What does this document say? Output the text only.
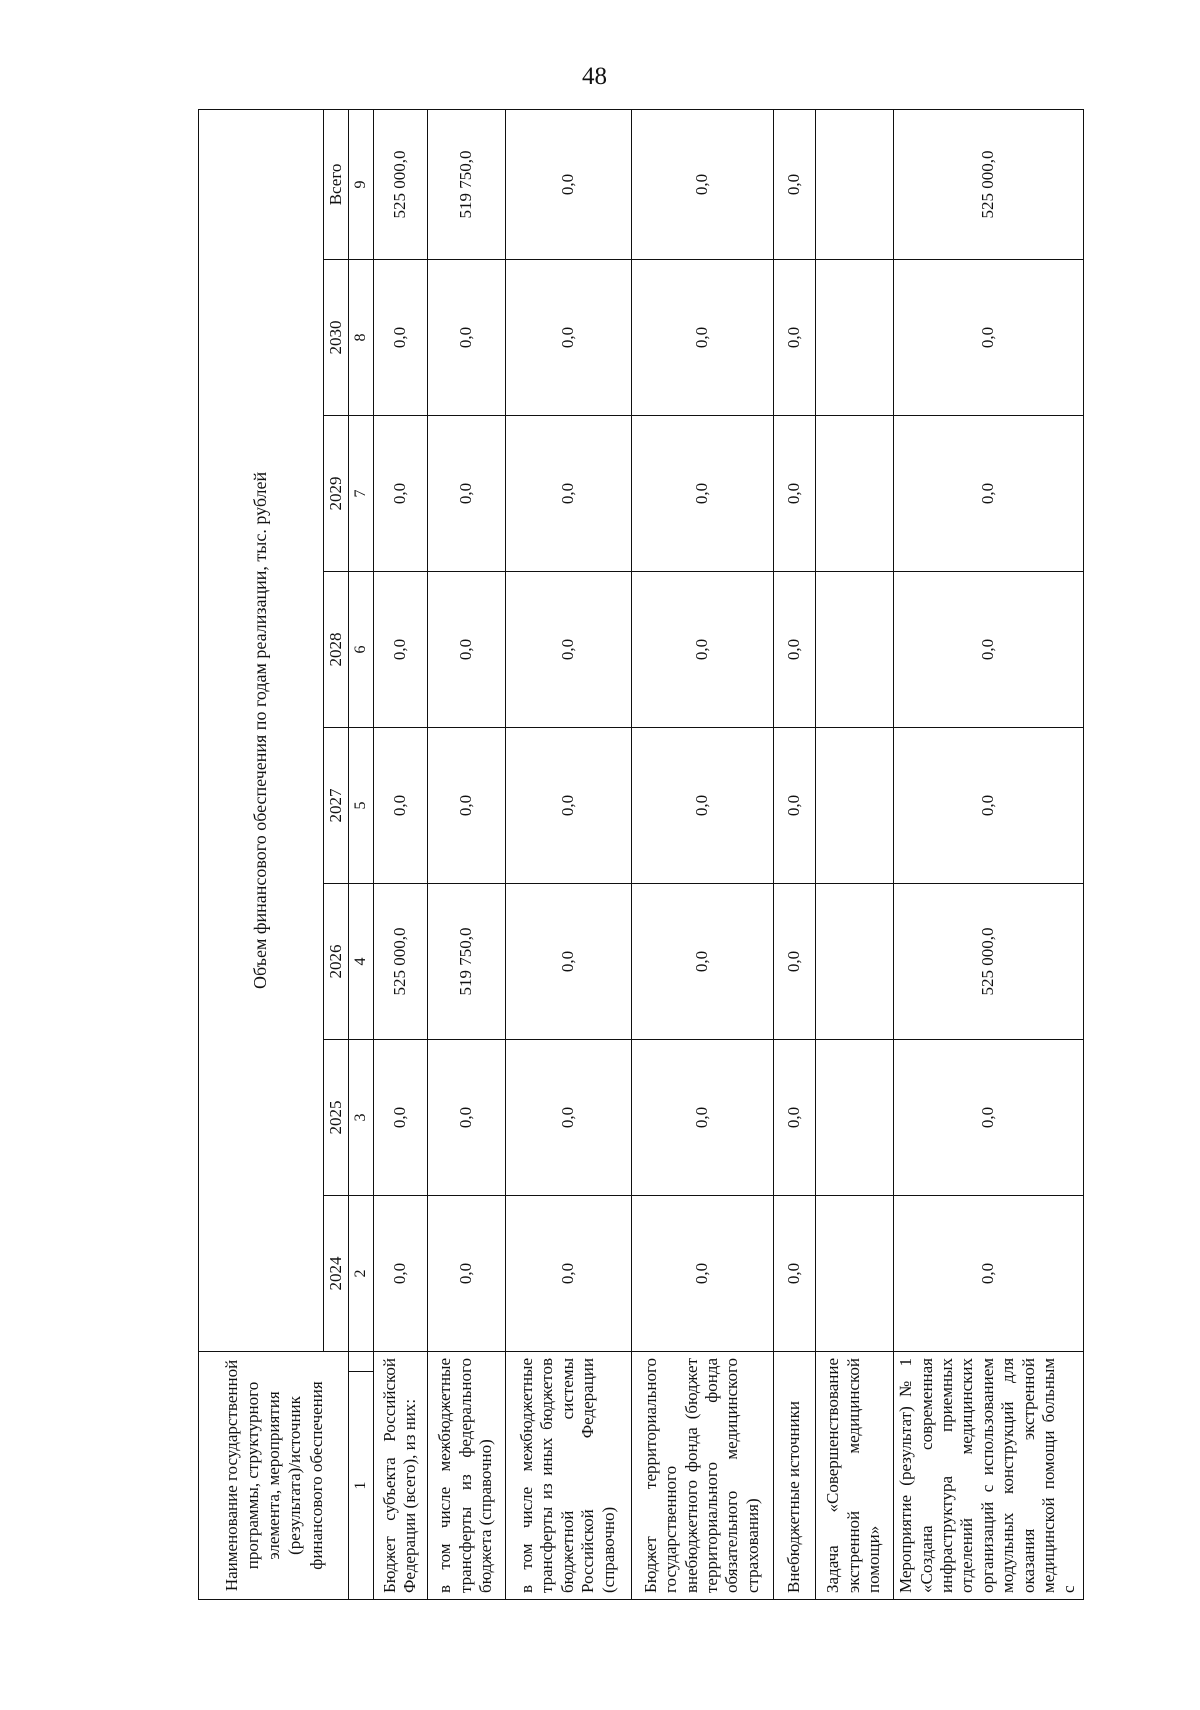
48
Наименование государственной программы, структурного элемента, мероприятия (результата)/источник финансового обеспечения		Объем финансового обеспечения по годам реализации, тыс. рублей							
		2024	2025	2026	2027	2028	2029	2030	Всего
1		2	3	4	5	6	7	8	9
Бюджет субъекта Российской Федерации (всего), из них:		0,0	0,0	525 000,0	0,0	0,0	0,0	0,0	525 000,0
в том числе межбюджетные трансферты из федерального бюджета (справочно)		0,0	0,0	519 750,0	0,0	0,0	0,0	0,0	519 750,0
в том числе межбюджетные трансферты из иных бюджетов бюджетной системы Российской Федерации (справочно)		0,0	0,0	0,0	0,0	0,0	0,0	0,0	0,0
Бюджет территориального государственного внебюджетного фонда (бюджет территориального фонда обязательного медицинского страхования)		0,0	0,0	0,0	0,0	0,0	0,0	0,0	0,0
Внебюджетные источники		0,0	0,0	0,0	0,0	0,0	0,0	0,0	0,0
Задача «Совершенствование экстренной медицинской помощи»									
Мероприятие (результат) № 1 «Создана современная инфраструктура приемных отделений медицинских организаций с использованием модульных конструкций для оказания экстренной медицинской помощи больным с		0,0	0,0	525 000,0	0,0	0,0	0,0	0,0	525 000,0
